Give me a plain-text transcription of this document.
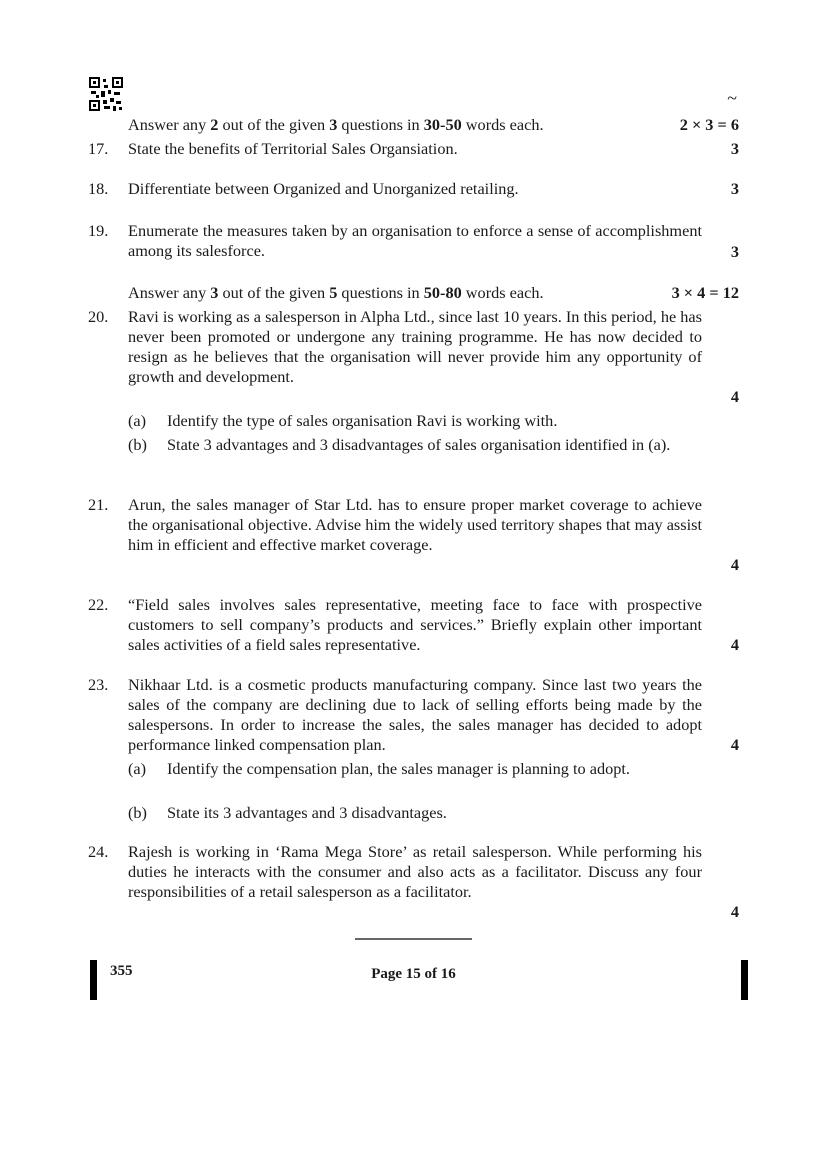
~
Answer any 2 out of the given 3 questions in 30-50 words each.	2 × 3 = 6
17. State the benefits of Territorial Sales Organsiation.	3
18. Differentiate between Organized and Unorganized retailing.	3
19. Enumerate the measures taken by an organisation to enforce a sense of accomplishment among its salesforce.	3
Answer any 3 out of the given 5 questions in 50-80 words each.	3 × 4 = 12
20. Ravi is working as a salesperson in Alpha Ltd., since last 10 years. In this period, he has never been promoted or undergone any training programme. He has now decided to resign as he believes that the organisation will never provide him any opportunity of growth and development.
4
(a) Identify the type of sales organisation Ravi is working with.
(b) State 3 advantages and 3 disadvantages of sales organisation identified in (a).
21. Arun, the sales manager of Star Ltd. has to ensure proper market coverage to achieve the organisational objective. Advise him the widely used territory shapes that may assist him in efficient and effective market coverage.
4
22. “Field sales involves sales representative, meeting face to face with prospective customers to sell company’s products and services.” Briefly explain other important sales activities of a field sales representative.	4
23. Nikhaar Ltd. is a cosmetic products manufacturing company. Since last two years the sales of the company are declining due to lack of selling efforts being made by the salespersons. In order to increase the sales, the sales manager has decided to adopt performance linked compensation plan.	4
(a) Identify the compensation plan, the sales manager is planning to adopt.
(b) State its 3 advantages and 3 disadvantages.
24. Rajesh is working in ‘Rama Mega Store’ as retail salesperson. While performing his duties he interacts with the consumer and also acts as a facilitator. Discuss any four responsibilities of a retail salesperson as a facilitator.
4
355	Page 15 of 16
